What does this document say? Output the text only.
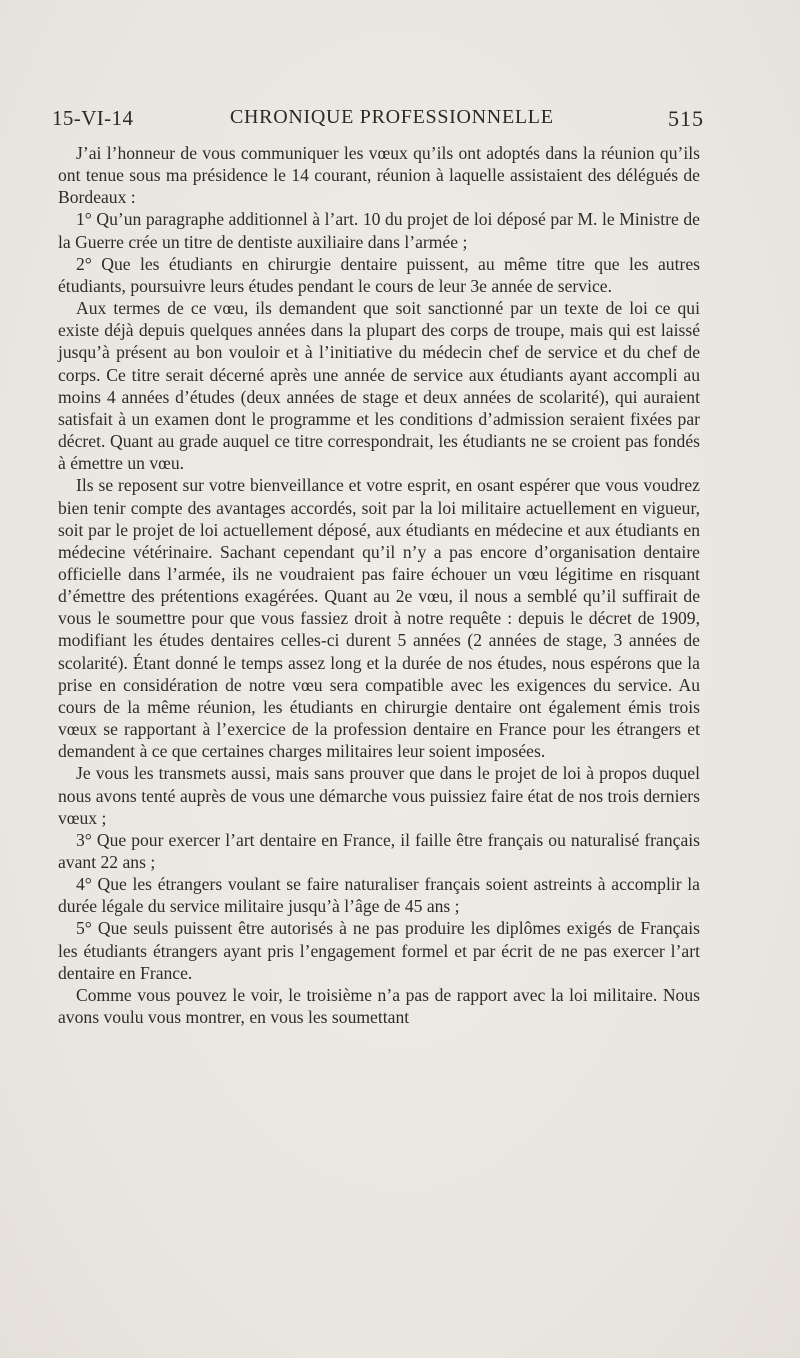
15-VI-14	CHRONIQUE PROFESSIONNELLE	515

J’ai l’honneur de vous communiquer les vœux qu’ils ont adoptés dans la réunion qu’ils ont tenue sous ma présidence le 14 courant, réunion à laquelle assistaient des délégués de Bordeaux :

1° Qu’un paragraphe additionnel à l’art. 10 du projet de loi déposé par M. le Ministre de la Guerre crée un titre de dentiste auxiliaire dans l’armée ;

2° Que les étudiants en chirurgie dentaire puissent, au même titre que les autres étudiants, poursuivre leurs études pendant le cours de leur 3e année de service.

Aux termes de ce vœu, ils demandent que soit sanctionné par un texte de loi ce qui existe déjà depuis quelques années dans la plupart des corps de troupe, mais qui est laissé jusqu’à présent au bon vouloir et à l’initiative du médecin chef de service et du chef de corps. Ce titre serait décerné après une année de service aux étudiants ayant accompli au moins 4 années d’études (deux années de stage et deux années de scolarité), qui auraient satisfait à un examen dont le programme et les conditions d’admission seraient fixées par décret. Quant au grade auquel ce titre correspondrait, les étudiants ne se croient pas fondés à émettre un vœu.

Ils se reposent sur votre bienveillance et votre esprit, en osant espérer que vous voudrez bien tenir compte des avantages accordés, soit par la loi militaire actuellement en vigueur, soit par le projet de loi actuellement déposé, aux étudiants en médecine et aux étudiants en médecine vétérinaire. Sachant cependant qu’il n’y a pas encore d’organisation dentaire officielle dans l’armée, ils ne voudraient pas faire échouer un vœu légitime en risquant d’émettre des prétentions exagérées. Quant au 2e vœu, il nous a semblé qu’il suffirait de vous le soumettre pour que vous fassiez droit à notre requête : depuis le décret de 1909, modifiant les études dentaires celles-ci durent 5 années (2 années de stage, 3 années de scolarité). Étant donné le temps assez long et la durée de nos études, nous espérons que la prise en considération de notre vœu sera compatible avec les exigences du service. Au cours de la même réunion, les étudiants en chirurgie dentaire ont également émis trois vœux se rapportant à l’exercice de la profession dentaire en France pour les étrangers et demandent à ce que certaines charges militaires leur soient imposées.

Je vous les transmets aussi, mais sans prouver que dans le projet de loi à propos duquel nous avons tenté auprès de vous une démarche vous puissiez faire état de nos trois derniers vœux ;

3° Que pour exercer l’art dentaire en France, il faille être français ou naturalisé français avant 22 ans ;

4° Que les étrangers voulant se faire naturaliser français soient astreints à accomplir la durée légale du service militaire jusqu’à l’âge de 45 ans ;

5° Que seuls puissent être autorisés à ne pas produire les diplômes exigés de Français les étudiants étrangers ayant pris l’engagement formel et par écrit de ne pas exercer l’art dentaire en France.

Comme vous pouvez le voir, le troisième n’a pas de rapport avec la loi militaire. Nous avons voulu vous montrer, en vous les soumettant
